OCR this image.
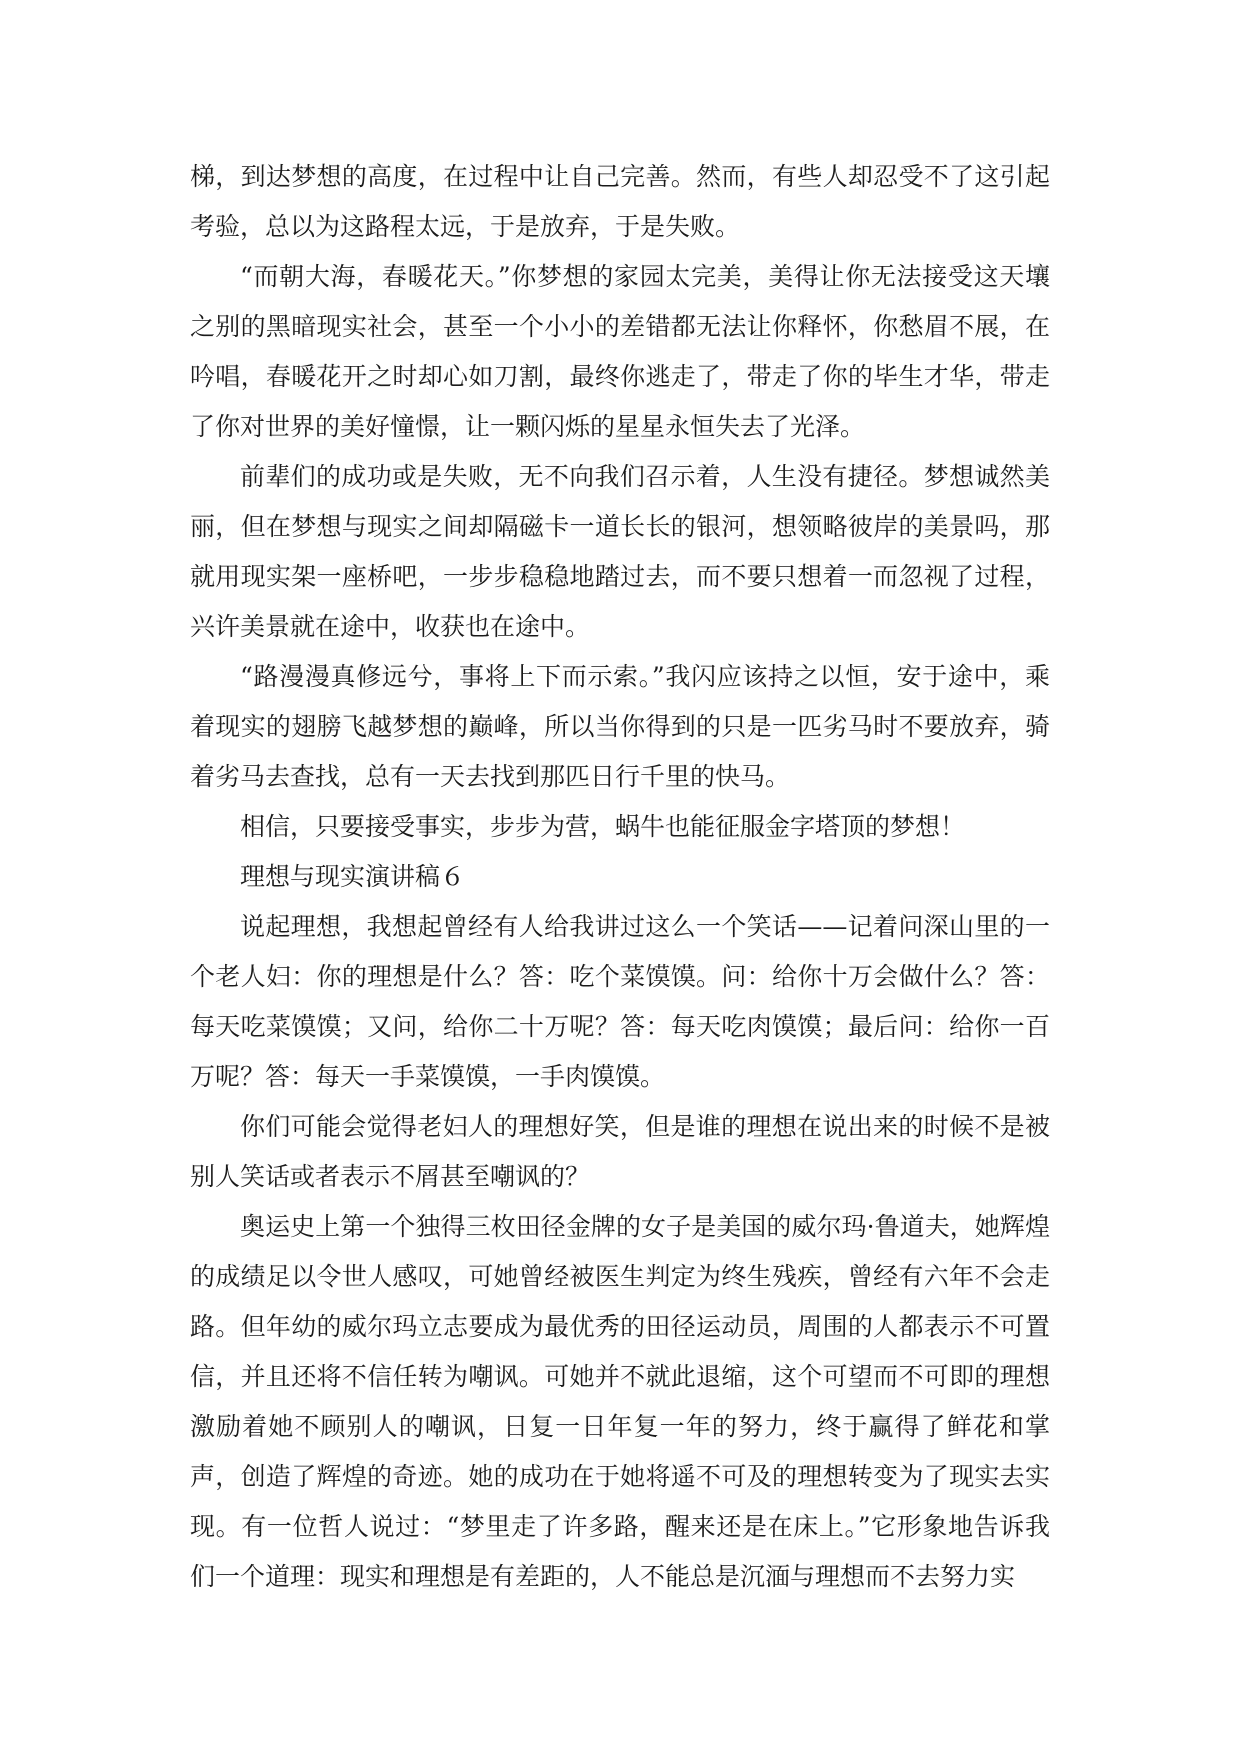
梯，到达梦想的高度，在过程中让自己完善。然而，有些人却忍受不了这引起考验，总以为这路程太远，于是放弃，于是失败。

“而朝大海，春暖花天。”你梦想的家园太完美，美得让你无法接受这天壤之别的黑暗现实社会，甚至一个小小的差错都无法让你释怀，你愁眉不展，在吟唱，春暖花开之时却心如刀割，最终你逃走了，带走了你的毕生才华，带走了你对世界的美好憧憬，让一颗闪烁的星星永恒失去了光泽。

前辈们的成功或是失败，无不向我们召示着，人生没有捷径。梦想诚然美丽，但在梦想与现实之间却隔磁卡一道长长的银河，想领略彼岸的美景吗，那就用现实架一座桥吧，一步步稳稳地踏过去，而不要只想着一而忽视了过程，兴许美景就在途中，收获也在途中。

“路漫漫真修远兮，事将上下而示索。”我闪应该持之以恒，安于途中，乘着现实的翅膀飞越梦想的巅峰，所以当你得到的只是一匹劣马时不要放弃，骑着劣马去查找，总有一天去找到那匹日行千里的快马。

相信，只要接受事实，步步为营，蜗牛也能征服金字塔顶的梦想！

理想与现实演讲稿６

说起理想，我想起曾经有人给我讲过这么一个笑话——记着问深山里的一个老人妇：你的理想是什么？答：吃个菜馍馍。问：给你十万会做什么？答：每天吃菜馍馍；又问，给你二十万呢？答：每天吃肉馍馍；最后问：给你一百万呢？答：每天一手菜馍馍，一手肉馍馍。

你们可能会觉得老妇人的理想好笑，但是谁的理想在说出来的时候不是被别人笑话或者表示不屑甚至嘲讽的？

奥运史上第一个独得三枚田径金牌的女子是美国的威尔玛·鲁道夫，她辉煌的成绩足以令世人感叹，可她曾经被医生判定为终生残疾，曾经有六年不会走路。但年幼的威尔玛立志要成为最优秀的田径运动员，周围的人都表示不可置信，并且还将不信任转为嘲讽。可她并不就此退缩，这个可望而不可即的理想激励着她不顾别人的嘲讽，日复一日年复一年的努力，终于赢得了鲜花和掌声，创造了辉煌的奇迹。她的成功在于她将遥不可及的理想转变为了现实去实现。有一位哲人说过：“梦里走了许多路，醒来还是在床上。”它形象地告诉我们一个道理：现实和理想是有差距的，人不能总是沉湎与理想而不去努力实
